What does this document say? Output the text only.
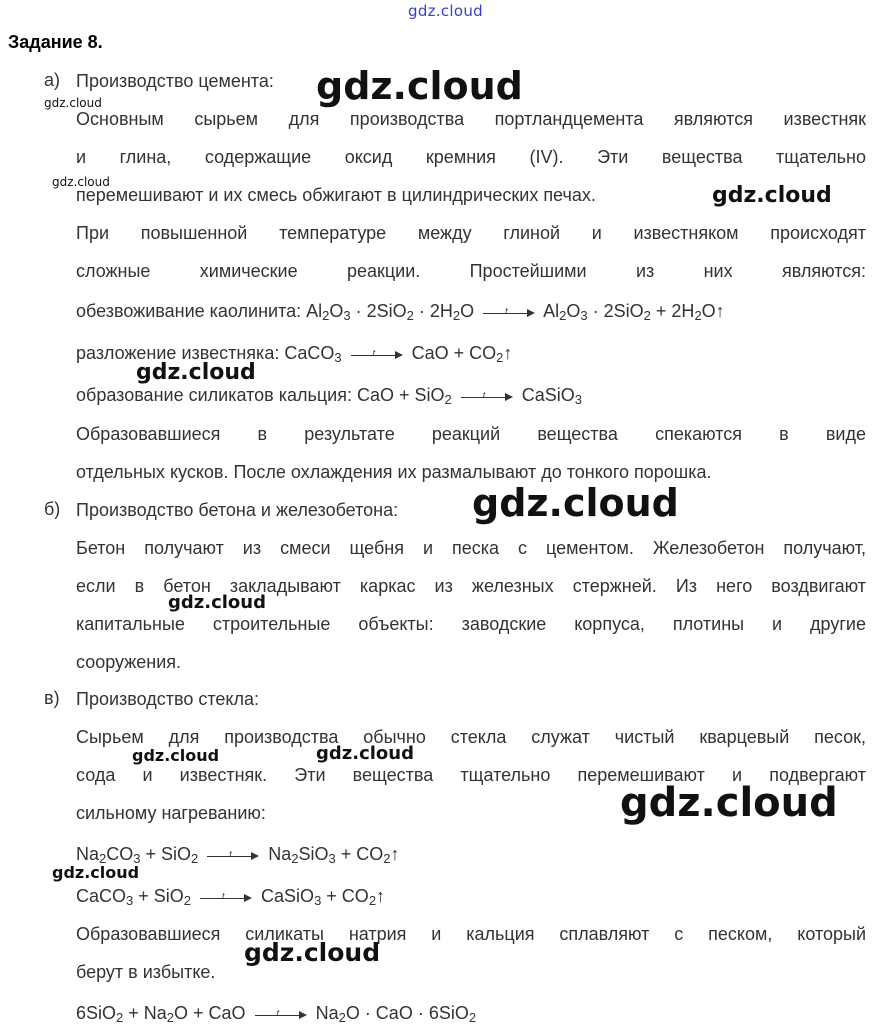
gdz.cloud
Задание 8.
а) Производство цемента:
Основным сырьем для производства портландцемента являются известняк
и глина, содержащие оксид кремния (IV). Эти вещества тщательно
перемешивают и их смесь обжигают в цилиндрических печах.
При повышенной температуре между глиной и известняком происходят
сложные химические реакции. Простейшими из них являются:
обезвоживание каолинита: $Al_2O_3 \cdot 2SiO_2 \cdot 2H_2O$	t $Al_2O_3 \cdot 2SiO_2$ + $2H_2O↑$
разложение известняка: CaCO$_3$	t CaO + $CO_2↑$
образование силикатов кальция: CaO + SiO$_2$	t CaSiO$_3$
Образовавшиеся в результате реакций вещества спекаются в виде
отдельных кусков. После охлаждения их размалывают до тонкого порошка.
б) Производство бетона и железобетона:
Бетон получают из смеси щебня и песка с цементом. Железобетон получают,
если в бетон закладывают каркас из железных стержней. Из него воздвигают
капитальные строительные объекты: заводские корпуса, плотины и другие
сооружения.
в) Производство стекла:
Сырьем для производства обычно стекла служат чистый кварцевый песок,
сода и известняк. Эти вещества тщательно перемешивают и подвергают
сильному нагреванию:
$Na_2CO_3 + SiO_2$	t $Na_2SiO_3$ + $CO_2↑$
CaCO$_3$ + SiO$_2$	t CaSiO$_3$ + $CO_2↑$
Образовавшиеся силикаты натрия и кальция сплавляют с песком, который
берут в избытке.
$6SiO_2 + Na_2O$ + CaO	t $Na_2O$ · CaO · 6SiO$_2$
gdz.cloud
gdz.cloud
gdz.cloud
gdz.cloud
gdz.cloud
gdz.cloud
gdz.cloud
gdz.cloud	gdz.cloud
gdz.cloud
gdz.cloud
gdz.cloud
